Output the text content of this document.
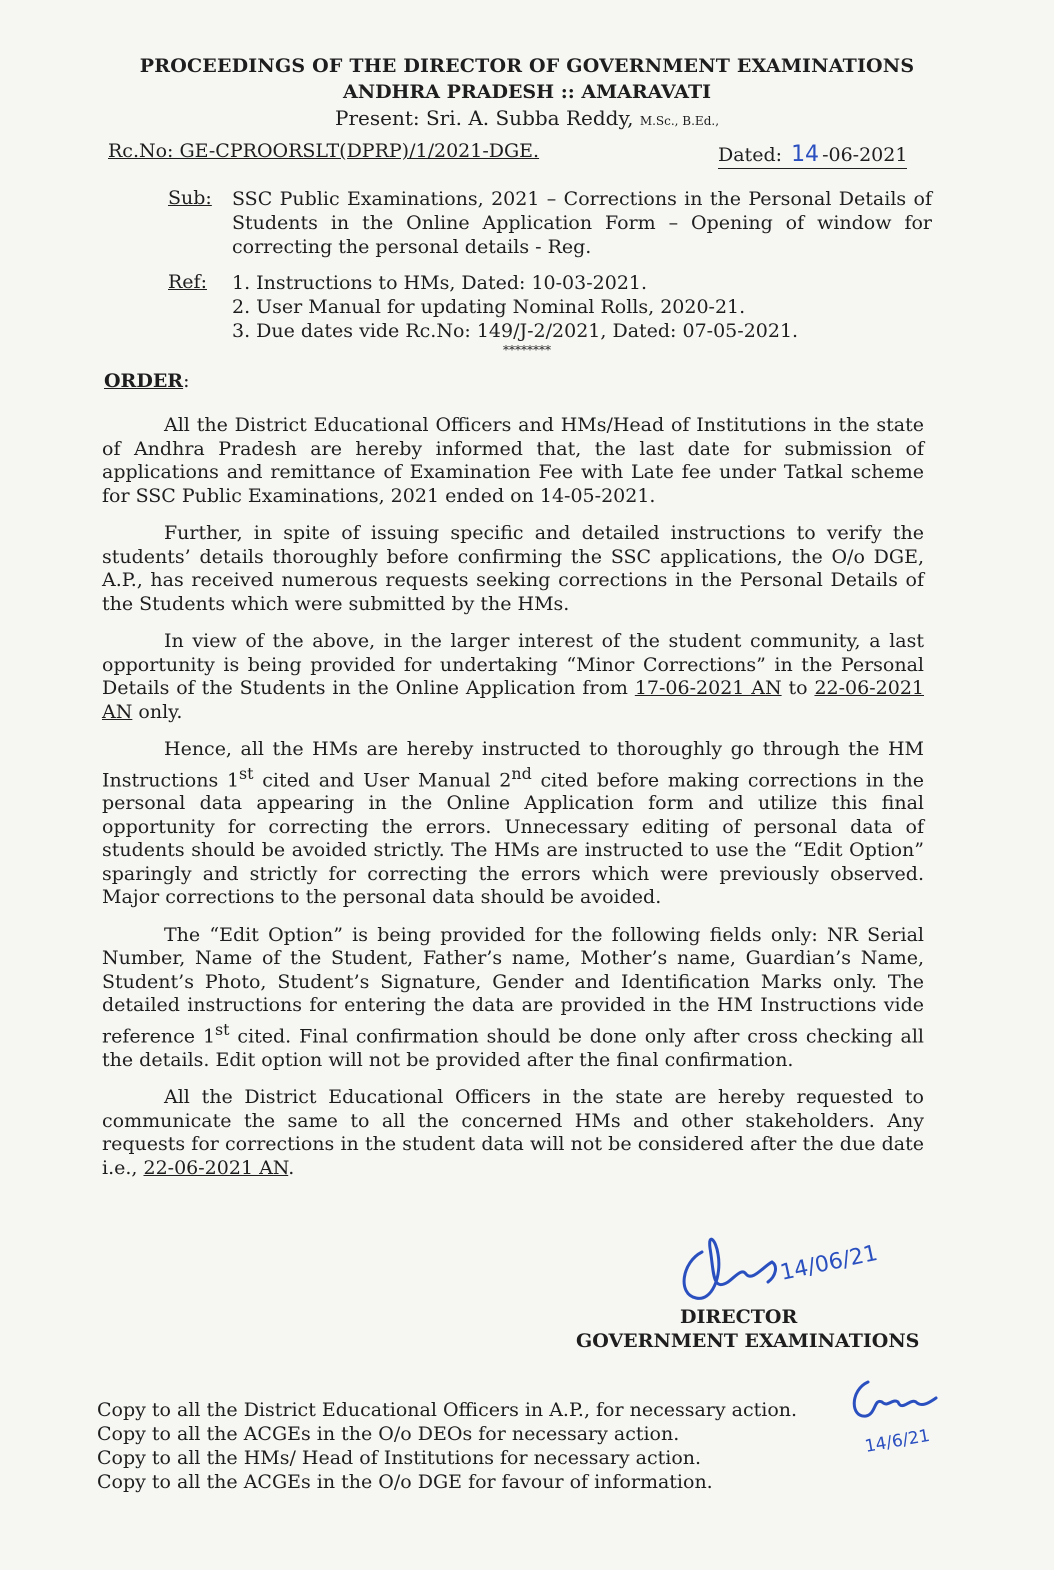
PROCEEDINGS OF THE DIRECTOR OF GOVERNMENT EXAMINATIONS
ANDHRA PRADESH :: AMARAVATI
Present: Sri. A. Subba Reddy, M.Sc., B.Ed.,
Rc.No: GE-CPROORSLT(DPRP)/1/2021-DGE.	Dated: 14 -06-2021
Sub: SSC Public Examinations, 2021 – Corrections in the Personal Details of Students in the Online Application Form – Opening of window for correcting the personal details - Reg.
Ref: 1. Instructions to HMs, Dated: 10-03-2021.
2. User Manual for updating Nominal Rolls, 2020-21.
3. Due dates vide Rc.No: 149/J-2/2021, Dated: 07-05-2021.
********
ORDER:

All the District Educational Officers and HMs/Head of Institutions in the state of Andhra Pradesh are hereby informed that, the last date for submission of applications and remittance of Examination Fee with Late fee under Tatkal scheme for SSC Public Examinations, 2021 ended on 14-05-2021.

Further, in spite of issuing specific and detailed instructions to verify the students’ details thoroughly before confirming the SSC applications, the O/o DGE, A.P., has received numerous requests seeking corrections in the Personal Details of the Students which were submitted by the HMs.

In view of the above, in the larger interest of the student community, a last opportunity is being provided for undertaking “Minor Corrections” in the Personal Details of the Students in the Online Application from 17-06-2021 AN to 22-06-2021 AN only.

Hence, all the HMs are hereby instructed to thoroughly go through the HM Instructions 1st cited and User Manual 2nd cited before making corrections in the personal data appearing in the Online Application form and utilize this final opportunity for correcting the errors. Unnecessary editing of personal data of students should be avoided strictly. The HMs are instructed to use the “Edit Option” sparingly and strictly for correcting the errors which were previously observed. Major corrections to the personal data should be avoided.

The “Edit Option” is being provided for the following fields only: NR Serial Number, Name of the Student, Father’s name, Mother’s name, Guardian’s Name, Student’s Photo, Student’s Signature, Gender and Identification Marks only. The detailed instructions for entering the data are provided in the HM Instructions vide reference 1st cited. Final confirmation should be done only after cross checking all the details. Edit option will not be provided after the final confirmation.

All the District Educational Officers in the state are hereby requested to communicate the same to all the concerned HMs and other stakeholders. Any requests for corrections in the student data will not be considered after the due date i.e., 22-06-2021 AN.

14/06/21
DIRECTOR
GOVERNMENT EXAMINATIONS
Copy to all the District Educational Officers in A.P., for necessary action.
Copy to all the ACGEs in the O/o DEOs for necessary action.
Copy to all the HMs/ Head of Institutions for necessary action.
Copy to all the ACGEs in the O/o DGE for favour of information.
14/6/21
